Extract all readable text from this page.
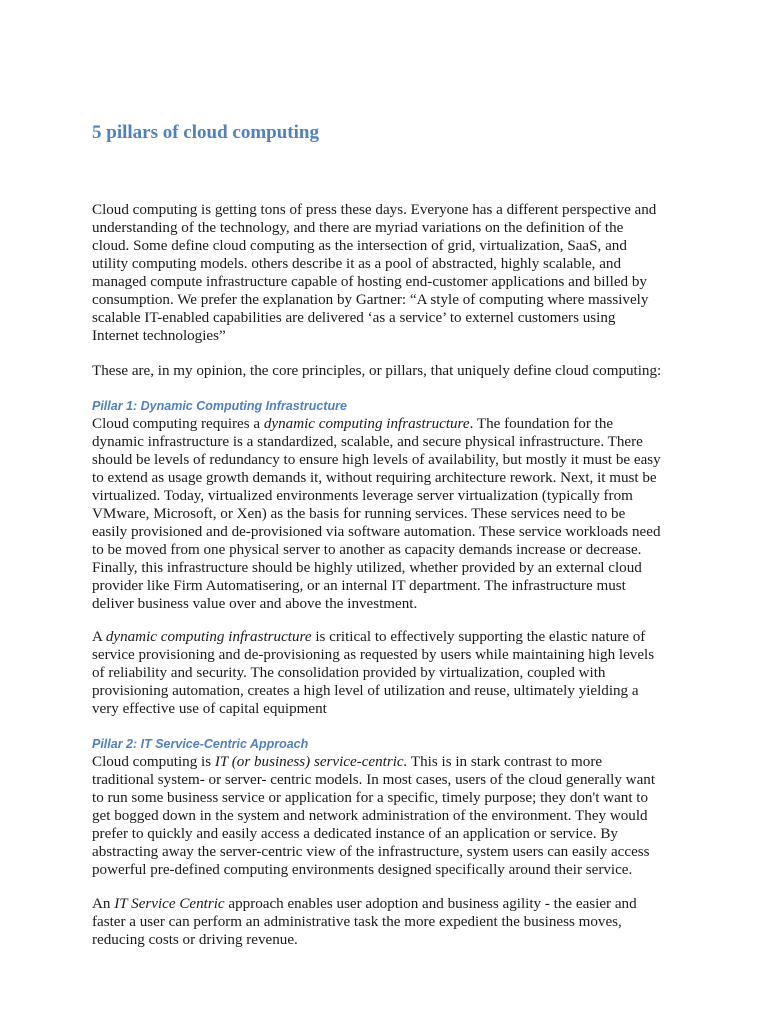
5 pillars of cloud computing

Cloud computing is getting tons of press these days. Everyone has a different perspective and
understanding of the technology, and there are myriad variations on the definition of the
cloud. Some define cloud computing as the intersection of grid, virtualization, SaaS, and
utility computing models. others describe it as a pool of abstracted, highly scalable, and
managed compute infrastructure capable of hosting end-customer applications and billed by
consumption. We prefer the explanation by Gartner: “A style of computing where massively
scalable IT-enabled capabilities are delivered ‘as a service’ to externel customers using
Internet technologies”

These are, in my opinion, the core principles, or pillars, that uniquely define cloud computing:

Pillar 1: Dynamic Computing Infrastructure

Cloud computing requires a dynamic computing infrastructure. The foundation for the
dynamic infrastructure is a standardized, scalable, and secure physical infrastructure. There
should be levels of redundancy to ensure high levels of availability, but mostly it must be easy
to extend as usage growth demands it, without requiring architecture rework. Next, it must be
virtualized. Today, virtualized environments leverage server virtualization (typically from
VMware, Microsoft, or Xen) as the basis for running services. These services need to be
easily provisioned and de-provisioned via software automation. These service workloads need
to be moved from one physical server to another as capacity demands increase or decrease.
Finally, this infrastructure should be highly utilized, whether provided by an external cloud
provider like Firm Automatisering, or an internal IT department. The infrastructure must
deliver business value over and above the investment.

A dynamic computing infrastructure is critical to effectively supporting the elastic nature of
service provisioning and de-provisioning as requested by users while maintaining high levels
of reliability and security. The consolidation provided by virtualization, coupled with
provisioning automation, creates a high level of utilization and reuse, ultimately yielding a
very effective use of capital equipment

Pillar 2: IT Service-Centric Approach

Cloud computing is IT (or business) service-centric. This is in stark contrast to more
traditional system- or server- centric models. In most cases, users of the cloud generally want
to run some business service or application for a specific, timely purpose; they don't want to
get bogged down in the system and network administration of the environment. They would
prefer to quickly and easily access a dedicated instance of an application or service. By
abstracting away the server-centric view of the infrastructure, system users can easily access
powerful pre-defined computing environments designed specifically around their service.

An IT Service Centric approach enables user adoption and business agility - the easier and
faster a user can perform an administrative task the more expedient the business moves,
reducing costs or driving revenue.
